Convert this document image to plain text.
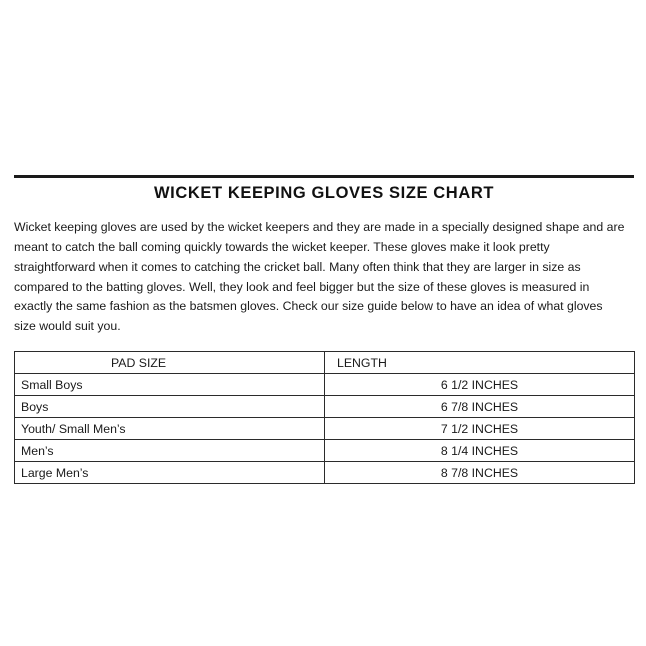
WICKET KEEPING GLOVES SIZE CHART

Wicket keeping gloves are used by the wicket keepers and they are made in a specially designed shape and are meant to catch the ball coming quickly towards the wicket keeper. These gloves make it look pretty straightforward when it comes to catching the cricket ball. Many often think that they are larger in size as compared to the batting gloves. Well, they look and feel bigger but the size of these gloves is measured in exactly the same fashion as the batsmen gloves. Check our size guide below to have an idea of what gloves size would suit you.

PAD SIZE	LENGTH
Small Boys	6 1/2 INCHES
Boys	6 7/8 INCHES
Youth/ Small Men’s	7 1/2 INCHES
Men’s	8 1/4 INCHES
Large Men’s	8 7/8 INCHES
